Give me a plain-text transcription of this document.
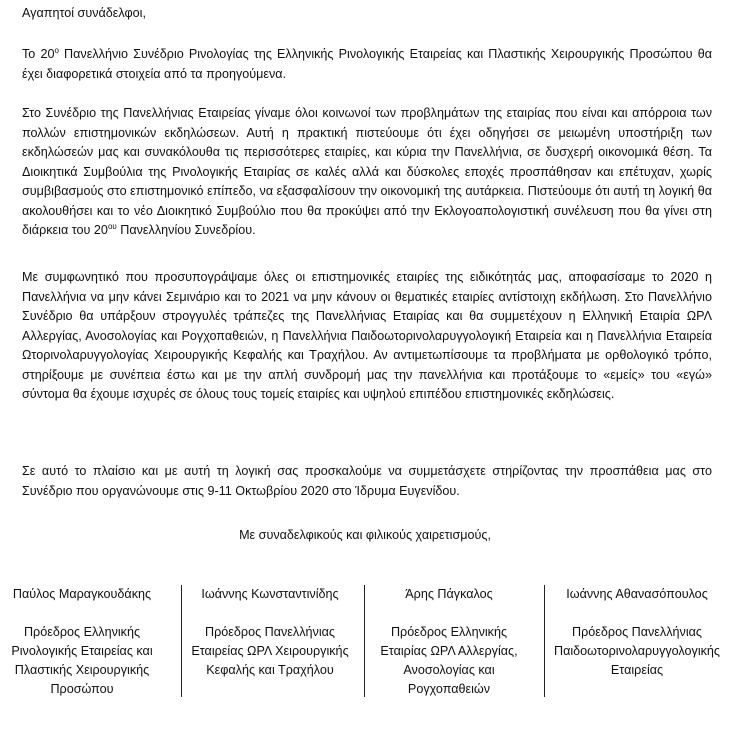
Αγαπητοί συνάδελφοι,

Το $20^o$ Πανελλήνιο Συνέδριο Ρινολογίας της Ελληνικής Ρινολογικής Εταιρείας και Πλαστικής Χειρουργικής Προσώπου θα έχει διαφορετικά στοιχεία από τα προηγούμενα.

Στο Συνέδριο της Πανελλήνιας Εταιρείας γίναμε όλοι κοινωνοί των προβλημάτων της εταιρίας που είναι και απόρροια των πολλών επιστημονικών εκδηλώσεων. Αυτή η πρακτική πιστεύουμε ότι έχει οδηγήσει σε μειωμένη υποστήριξη των εκδηλώσεών μας και συνακόλουθα τις περισσότερες εταιρίες, και κύρια την Πανελλήνια, σε δυσχερή οικονομικά θέση. Τα Διοικητικά Συμβούλια της Ρινολογικής Εταιρίας σε καλές αλλά και δύσκολες εποχές προσπάθησαν και επέτυχαν, χωρίς συμβιβασμούς στο επιστημονικό επίπεδο, να εξασφαλίσουν την οικονομική της αυτάρκεια. Πιστεύουμε ότι αυτή τη λογική θα ακολουθήσει και το νέο Διοικητικό Συμβούλιο που θα προκύψει από την Εκλογοαπολογιστική συνέλευση που θα γίνει στη διάρκεια του $20^{o\upsilon}$ Πανελληνίου Συνεδρίου.

Με συμφωνητικό που προσυπογράψαμε όλες οι επιστημονικές εταιρίες της ειδικότητάς μας, αποφασίσαμε το 2020 η Πανελλήνια να μην κάνει Σεμινάριο και το 2021 να μην κάνουν οι θεματικές εταιρίες αντίστοιχη εκδήλωση. Στο Πανελλήνιο Συνέδριο θα υπάρξουν στρογγυλές τράπεζες της Πανελλήνιας Εταιρίας και θα συμμετέχουν η Ελληνική Εταιρία ΩΡΛ Αλλεργίας, Ανοσολογίας και Ρογχοπαθειών, η Πανελλήνια Παιδοωτορινολαρυγγολογική Εταιρεία και η Πανελλήνια Εταιρεία Ωτορινολαρυγγολογίας Χειρουργικής Κεφαλής και Τραχήλου. Αν αντιμετωπίσουμε τα προβλήματα με ορθολογικό τρόπο, στηρίξουμε με συνέπεια έστω και με την απλή συνδρομή μας την πανελλήνια και προτάξουμε το «εμείς» του «εγώ» σύντομα θα έχουμε ισχυρές σε όλους τους τομείς εταιρίες και υψηλού επιπέδου επιστημονικές εκδηλώσεις.

Σε αυτό το πλαίσιο και με αυτή τη λογική σας προσκαλούμε να συμμετάσχετε στηρίζοντας την προσπάθεια μας στο Συνέδριο που οργανώνουμε στις 9-11 Οκτωβρίου 2020 στο Ίδρυμα Ευγενίδου.

Με συναδελφικούς και φιλικούς χαιρετισμούς,

Παύλος Μαραγκουδάκης
Πρόεδρος Ελληνικής Ρινολογικής Εταιρείας και Πλαστικής Χειρουργικής Προσώπου
Ιωάννης Κωνσταντινίδης
Πρόεδρος Πανελλήνιας Εταιρείας ΩΡΛ Χειρουργικής Κεφαλής και Τραχήλου
Άρης Πάγκαλος
Πρόεδρος Ελληνικής Εταιρίας ΩΡΛ Αλλεργίας, Ανοσολογίας και Ρογχοπαθειών
Ιωάννης Αθανασόπουλος
Πρόεδρος Πανελλήνιας Παιδοωτορινολαρυγγολογικής Εταιρείας
